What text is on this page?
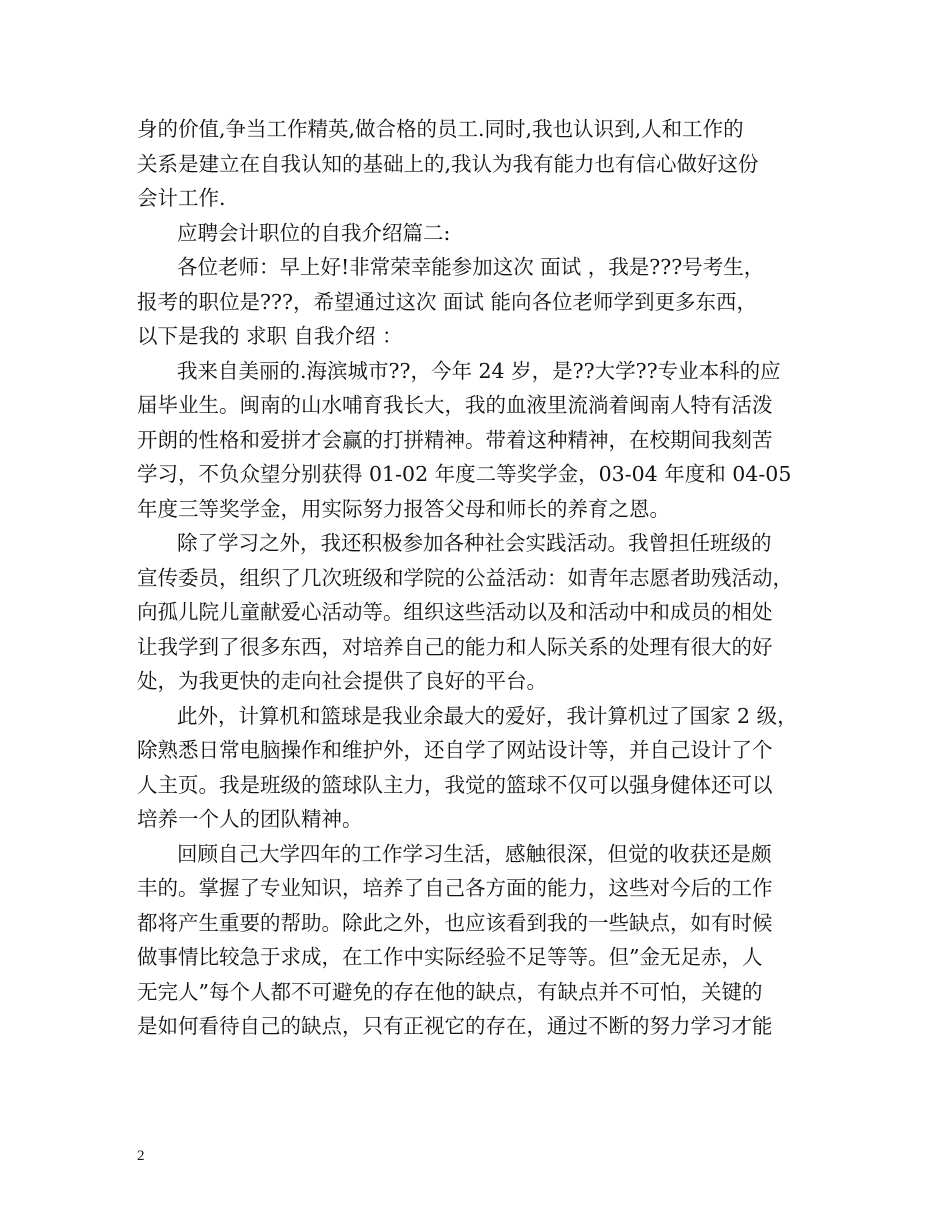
身的价值,争当工作精英,做合格的员工.同时,我也认识到,人和工作的
关系是建立在自我认知的基础上的,我认为我有能力也有信心做好这份
会计工作.
应聘会计职位的自我介绍篇二:
各位老师：早上好!非常荣幸能参加这次 面试 ，我是???号考生，
报考的职位是???，希望通过这次 面试 能向各位老师学到更多东西，
以下是我的 求职 自我介绍 ：
我来自美丽的.海滨城市??，今年 24 岁，是??大学??专业本科的应
届毕业生。闽南的山水哺育我长大，我的血液里流淌着闽南人特有活泼
开朗的性格和爱拼才会赢的打拼精神。带着这种精神，在校期间我刻苦
学习，不负众望分别获得 01-02 年度二等奖学金，03-04 年度和 04-05
年度三等奖学金，用实际努力报答父母和师长的养育之恩。
除了学习之外，我还积极参加各种社会实践活动。我曾担任班级的
宣传委员，组织了几次班级和学院的公益活动：如青年志愿者助残活动，
向孤儿院儿童献爱心活动等。组织这些活动以及和活动中和成员的相处
让我学到了很多东西，对培养自己的能力和人际关系的处理有很大的好
处，为我更快的走向社会提供了良好的平台。
此外，计算机和篮球是我业余最大的爱好，我计算机过了国家 2 级，
除熟悉日常电脑操作和维护外，还自学了网站设计等，并自己设计了个
人主页。我是班级的篮球队主力，我觉的篮球不仅可以强身健体还可以
培养一个人的团队精神。
回顾自己大学四年的工作学习生活，感触很深，但觉的收获还是颇
丰的。掌握了专业知识，培养了自己各方面的能力，这些对今后的工作
都将产生重要的帮助。除此之外，也应该看到我的一些缺点，如有时候
做事情比较急于求成，在工作中实际经验不足等等。但”金无足赤，人
无完人”每个人都不可避免的存在他的缺点，有缺点并不可怕，关键的
是如何看待自己的缺点，只有正视它的存在，通过不断的努力学习才能
2
